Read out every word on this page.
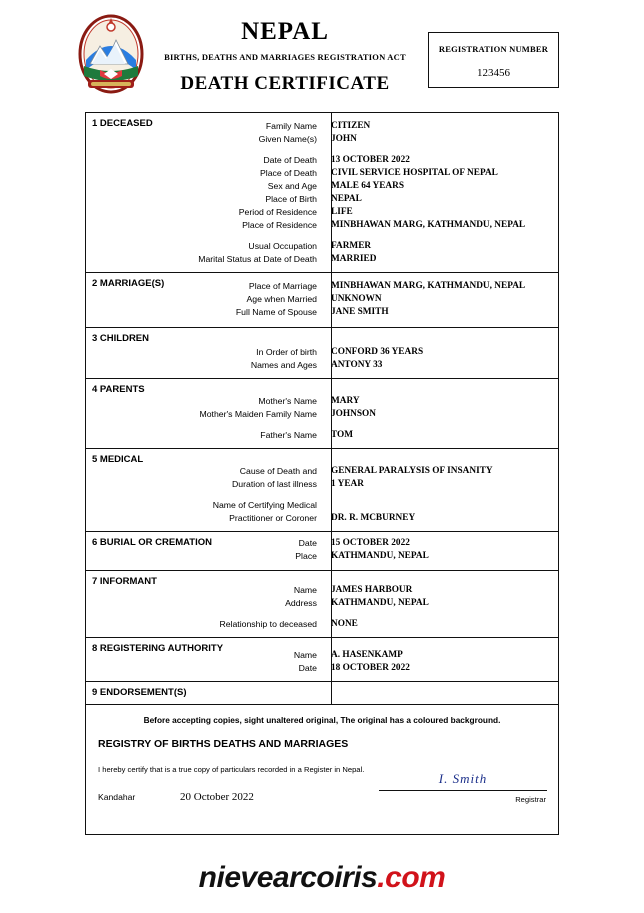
NEPAL
BIRTHS, DEATHS AND MARRIAGES REGISTRATION ACT
DEATH CERTIFICATE
REGISTRATION NUMBER
123456
1 DECEASED	Family Name	CITIZEN
Given Name(s)	JOHN
Date of Death	13 OCTOBER 2022
Place of Death	CIVIL SERVICE HOSPITAL OF NEPAL
Sex and Age	MALE 64 YEARS
Place of Birth	NEPAL
Period of Residence	LIFE
Place of Residence	MINBHAWAN MARG, KATHMANDU, NEPAL
Usual Occupation	FARMER
Marital Status at Date of Death	MARRIED
2 MARRIAGE(S)	Place of Marriage	MINBHAWAN MARG, KATHMANDU, NEPAL
Age when Married	UNKNOWN
Full Name of Spouse	JANE SMITH
3 CHILDREN
In Order of birth	CONFORD 36 YEARS
Names and Ages	ANTONY 33
4 PARENTS
Mother's Name	MARY
Mother's Maiden Family Name	JOHNSON
Father's Name	TOM
5 MEDICAL
Cause of Death and	GENERAL PARALYSIS OF INSANITY
Duration of last illness	1 YEAR
Name of Certifying Medical
Practitioner or Coroner	DR. R. MCBURNEY
6 BURIAL OR CREMATION	Date	15 OCTOBER 2022
Place	KATHMANDU, NEPAL
7 INFORMANT
Name	JAMES HARBOUR
Address	KATHMANDU, NEPAL
Relationship to deceased	NONE
8 REGISTERING AUTHORITY
Name	A. HASENKAMP
Date	18 OCTOBER 2022
9 ENDORSEMENT(S)
Before accepting copies, sight unaltered original, The original has a coloured background.
REGISTRY OF BIRTHS DEATHS AND MARRIAGES
I hereby certify that is a true copy of particulars recorded in a Register in Nepal.
I. Smith
Registrar
Kandahar	20 October 2022
nievearcoiris.com
